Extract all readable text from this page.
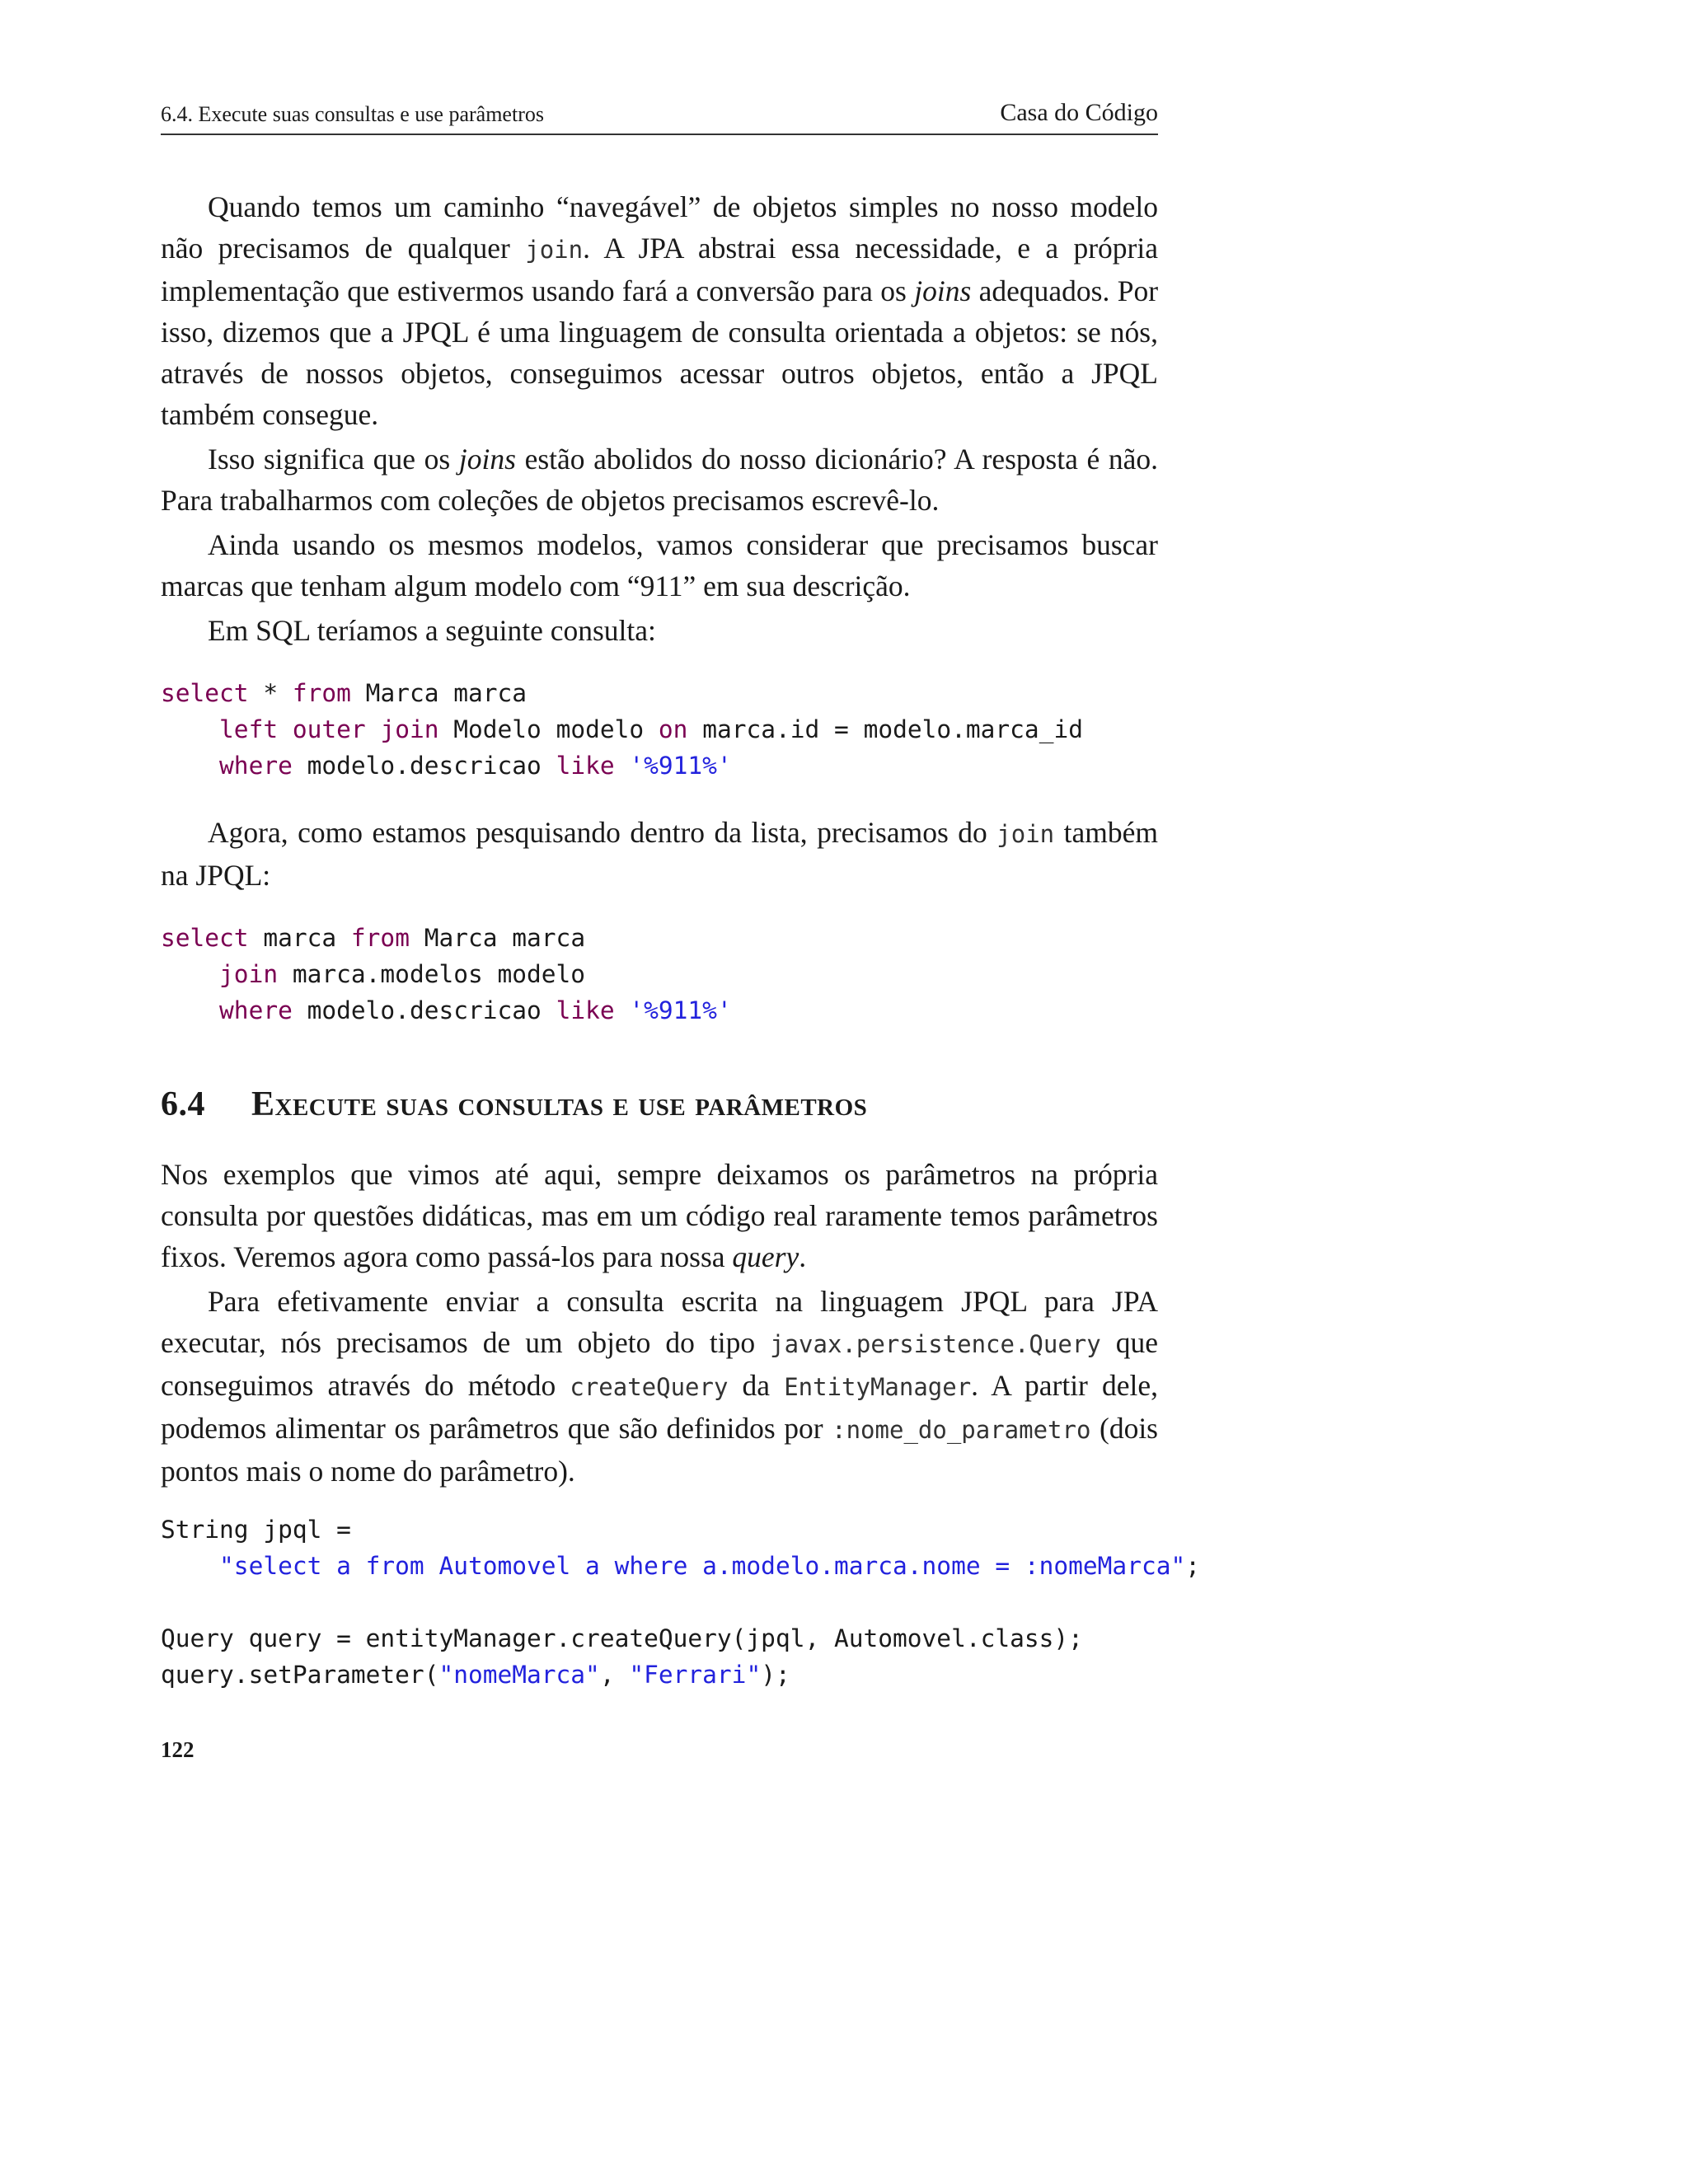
6.4. Execute suas consultas e use parâmetros	Casa do Código

Quando temos um caminho “navegável” de objetos simples no nosso modelo não precisamos de qualquer join. A JPA abstrai essa necessidade, e a própria implementação que estivermos usando fará a conversão para os joins adequados. Por isso, dizemos que a JPQL é uma linguagem de consulta orientada a objetos: se nós, através de nossos objetos, conseguimos acessar outros objetos, então a JPQL também consegue.

Isso significa que os joins estão abolidos do nosso dicionário? A resposta é não. Para trabalharmos com coleções de objetos precisamos escrevê-lo.

Ainda usando os mesmos modelos, vamos considerar que precisamos buscar marcas que tenham algum modelo com “911” em sua descrição.

Em SQL teríamos a seguinte consulta:

select * from Marca marca
left outer join Modelo modelo on marca.id = modelo.marca_id
where modelo.descricao like '%911%'

Agora, como estamos pesquisando dentro da lista, precisamos do join também na JPQL:

select marca from Marca marca
join marca.modelos modelo
where modelo.descricao like '%911%'
6.4 Execute suas consultas e use parâmetros

Nos exemplos que vimos até aqui, sempre deixamos os parâmetros na própria consulta por questões didáticas, mas em um código real raramente temos parâmetros fixos. Veremos agora como passá-los para nossa query.

Para efetivamente enviar a consulta escrita na linguagem JPQL para JPA executar, nós precisamos de um objeto do tipo javax.persistence.Query que conseguimos através do método createQuery da EntityManager. A partir dele, podemos alimentar os parâmetros que são definidos por :nome_do_parametro (dois pontos mais o nome do parâmetro).

String jpql =
"select a from Automovel a where a.modelo.marca.nome = :nomeMarca";

Query query = entityManager.createQuery(jpql, Automovel.class);
query.setParameter("nomeMarca", "Ferrari");
122
